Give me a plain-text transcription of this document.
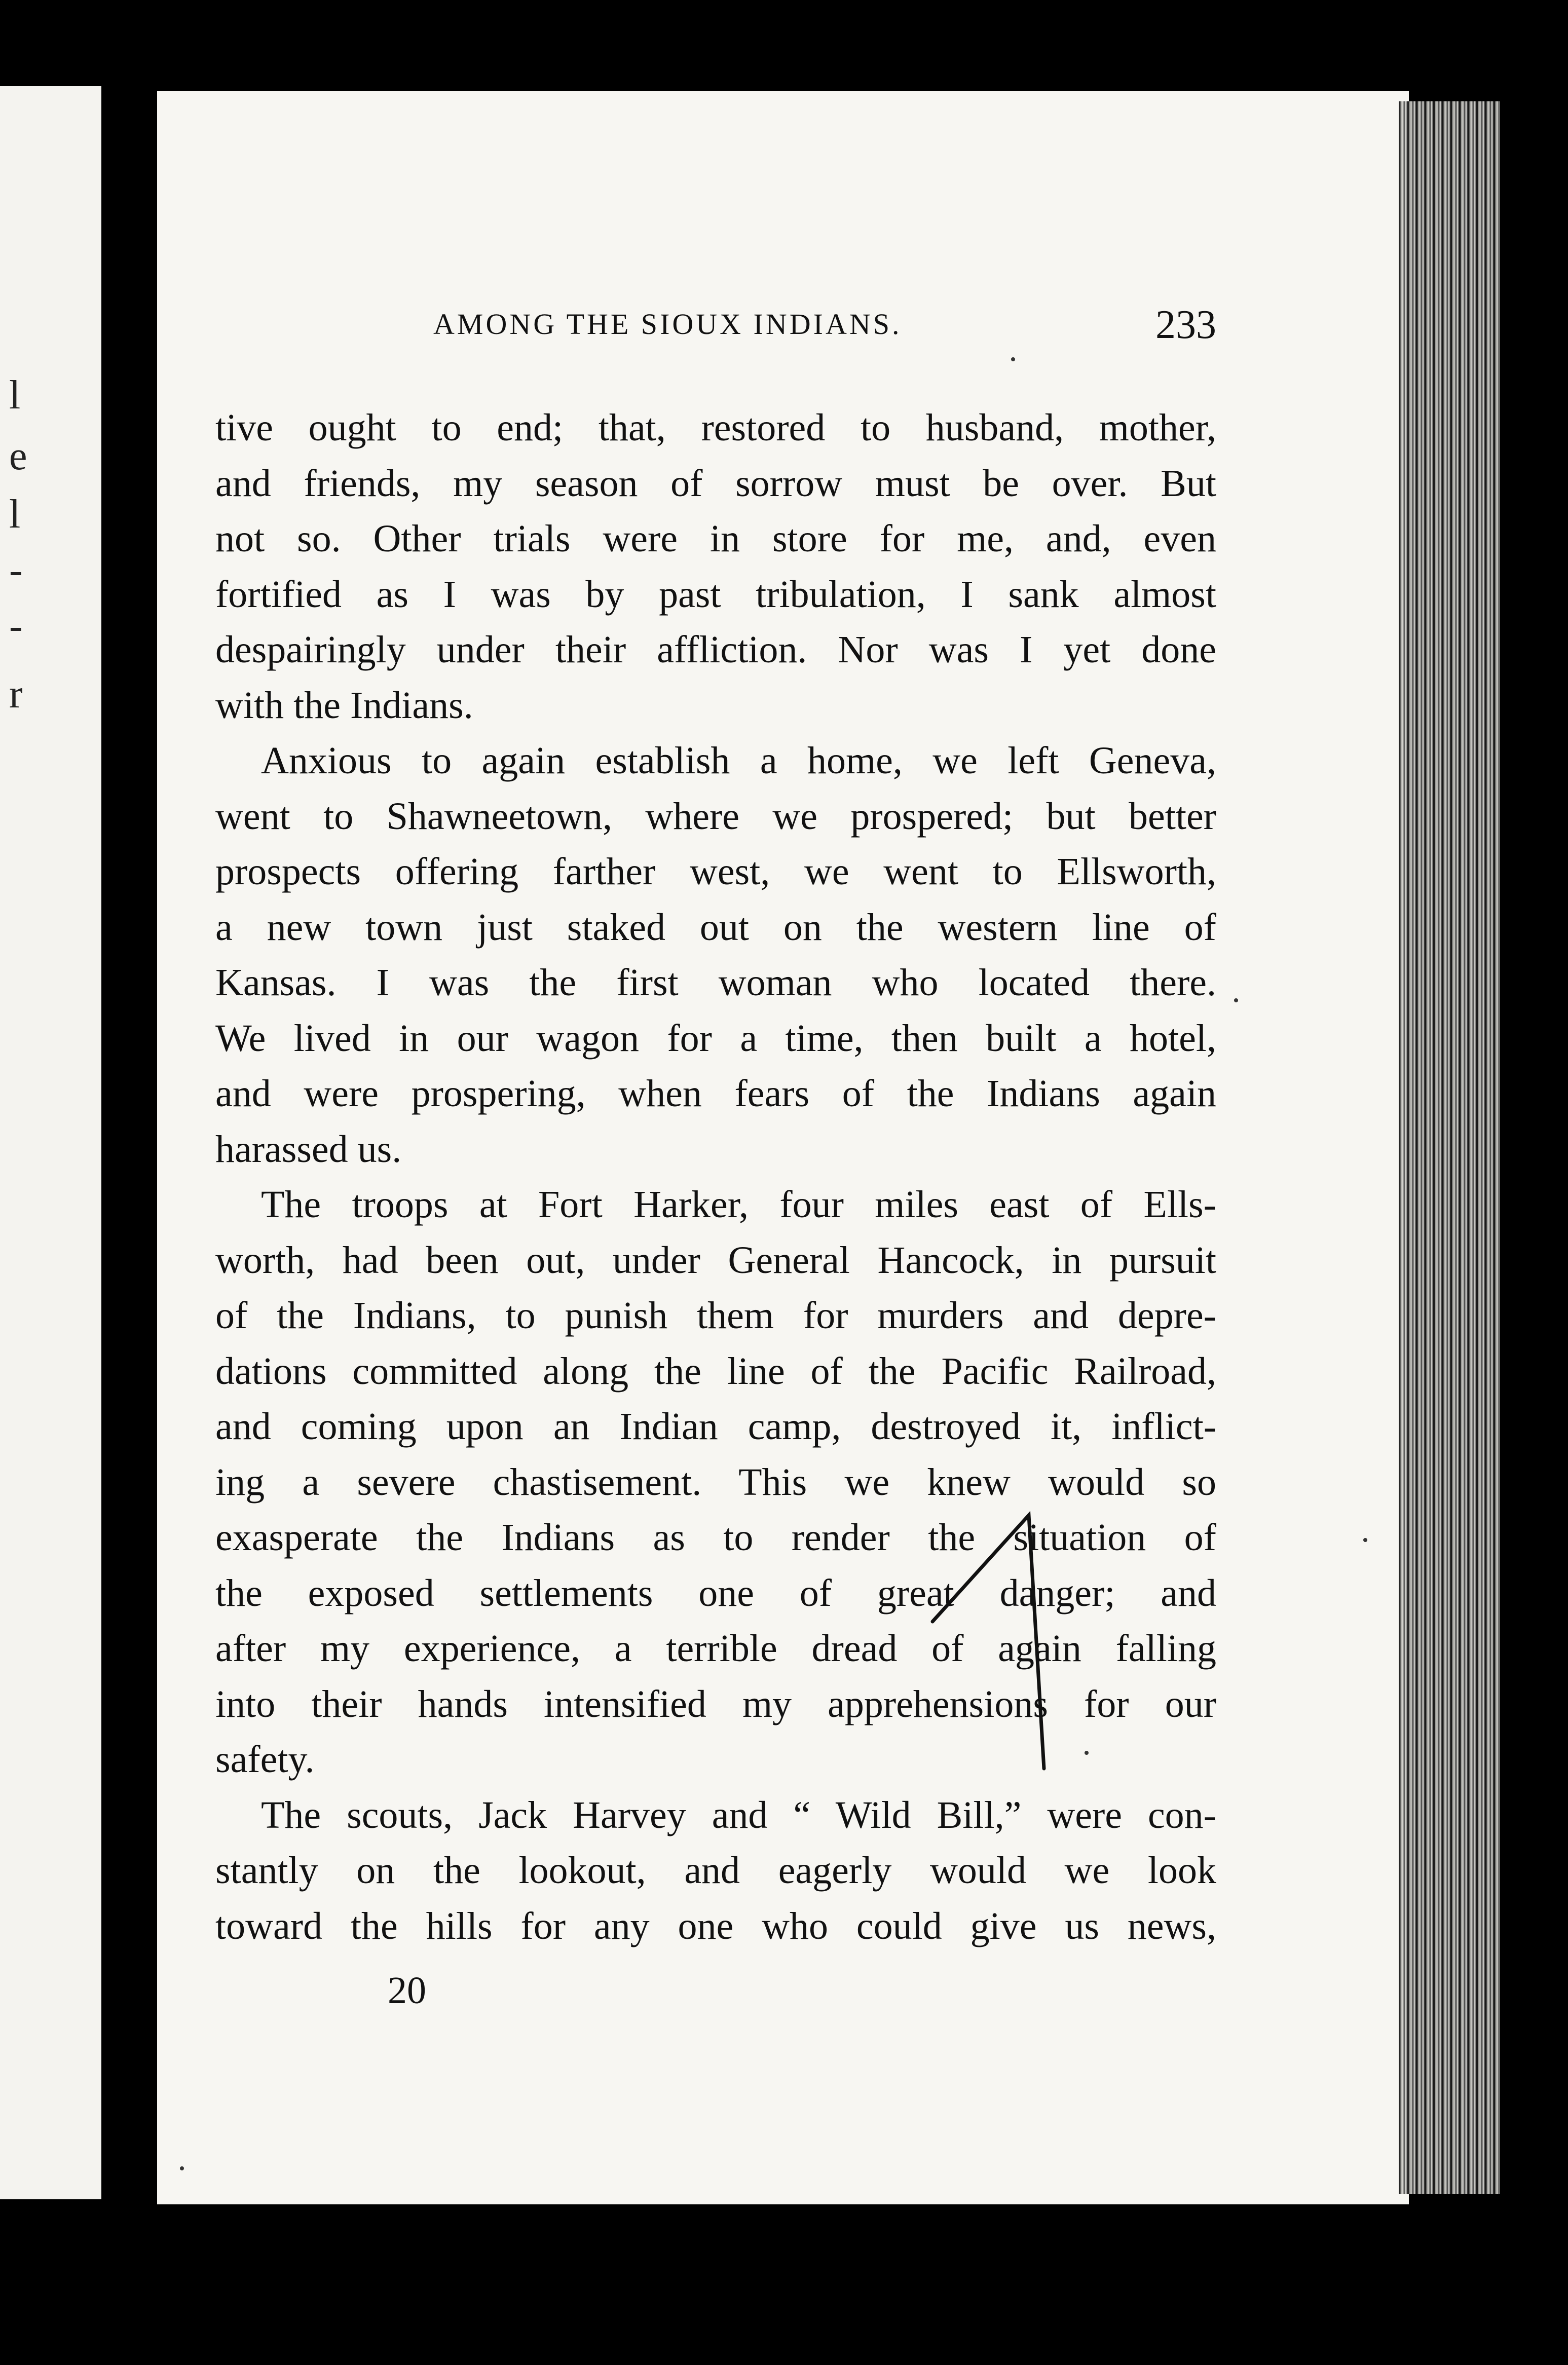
l
e
l
-
-
r
AMONG THE SIOUX INDIANS.	233
tive ought to end; that, restored to husband, mother,
and friends, my season of sorrow must be over. But
not so. Other trials were in store for me, and, even
fortified as I was by past tribulation, I sank almost
despairingly under their affliction. Nor was I yet done
with the Indians.
Anxious to again establish a home, we left Geneva,
went to Shawneetown, where we prospered; but better
prospects offering farther west, we went to Ellsworth,
a new town just staked out on the western line of
Kansas. I was the first woman who located there.
We lived in our wagon for a time, then built a hotel,
and were prospering, when fears of the Indians again
harassed us.
The troops at Fort Harker, four miles east of Ells-
worth, had been out, under General Hancock, in pursuit
of the Indians, to punish them for murders and depre-
dations committed along the line of the Pacific Railroad,
and coming upon an Indian camp, destroyed it, inflict-
ing a severe chastisement. This we knew would so
exasperate the Indians as to render the situation of
the exposed settlements one of great danger; and
after my experience, a terrible dread of again falling
into their hands intensified my apprehensions for our
safety.
The scouts, Jack Harvey and “ Wild Bill,” were con-
stantly on the lookout, and eagerly would we look
toward the hills for any one who could give us news,
20
